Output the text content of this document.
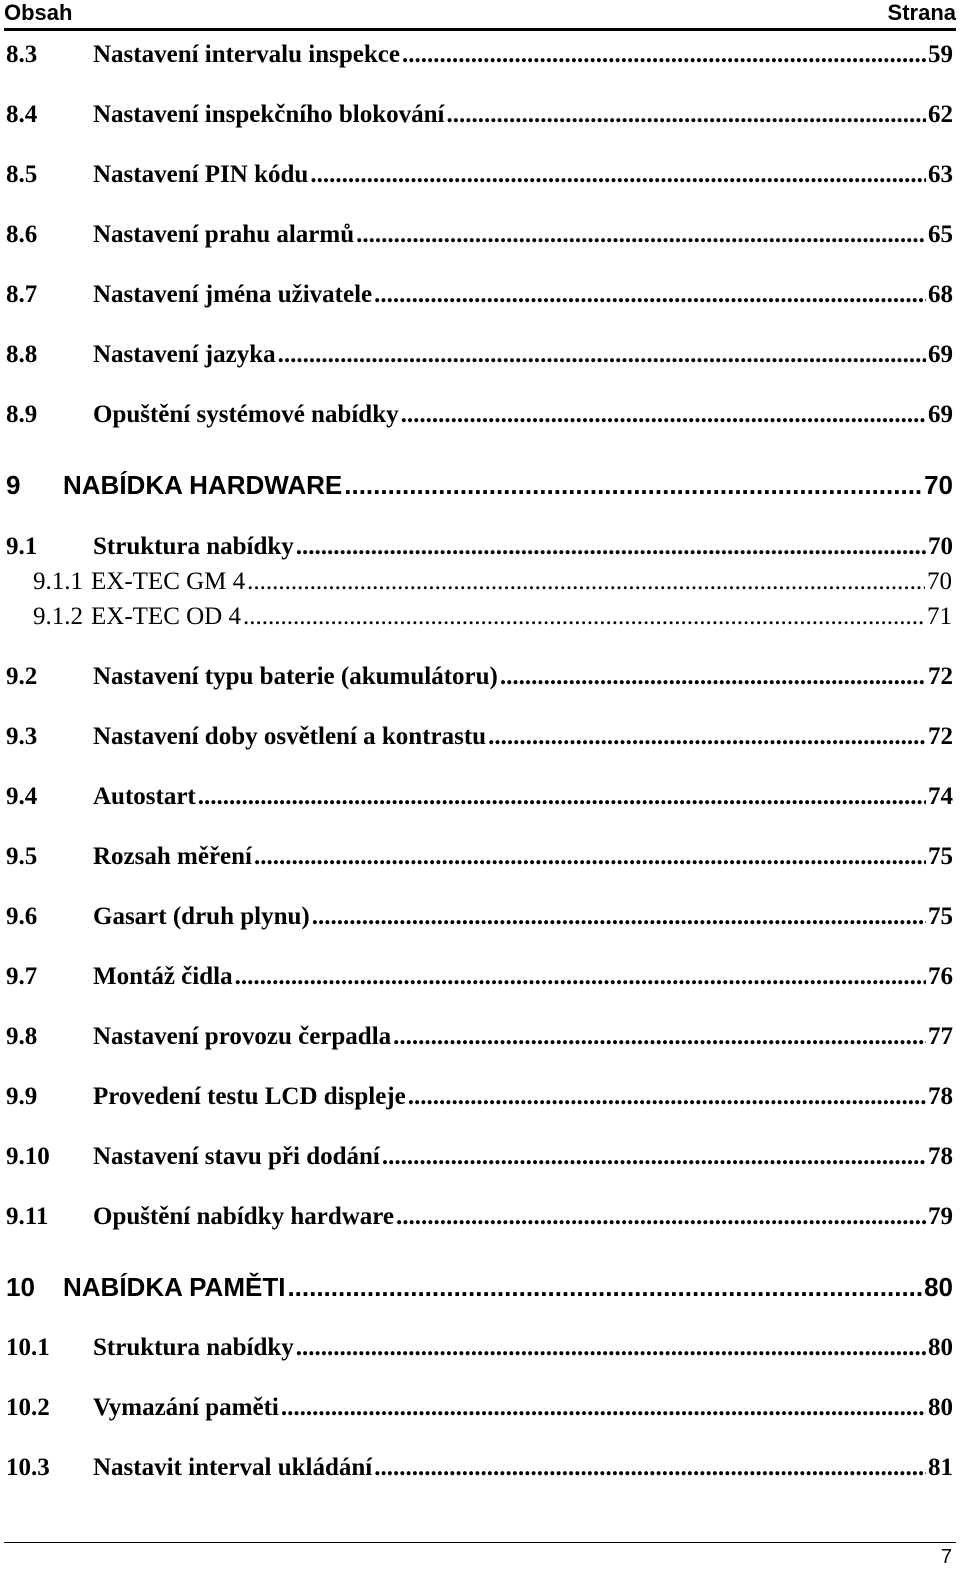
Obsah	Strana
8.3	Nastavení intervalu inspekce .....	59
8.4	Nastavení inspekčního blokování .....	62
8.5	Nastavení PIN kódu .....	63
8.6	Nastavení prahu alarmů .....	65
8.7	Nastavení jména uživatele .....	68
8.8	Nastavení jazyka .....	69
8.9	Opuštění systémové nabídky .....	69
9	NABÍDKA HARDWARE .....	70
9.1	Struktura nabídky .....	70
9.1.1 EX-TEC GM 4 .....	70
9.1.2 EX-TEC OD 4 .....	71
9.2	Nastavení typu baterie (akumulátoru) .....	72
9.3	Nastavení doby osvětlení a kontrastu .....	72
9.4	Autostart .....	74
9.5	Rozsah měření .....	75
9.6	Gasart (druh plynu) .....	75
9.7	Montáž čidla .....	76
9.8	Nastavení provozu čerpadla .....	77
9.9	Provedení testu LCD displeje .....	78
9.10	Nastavení stavu při dodání .....	78
9.11	Opuštění nabídky hardware .....	79
10	NABÍDKA PAMĚTI .....	80
10.1	Struktura nabídky .....	80
10.2	Vymazání paměti .....	80
10.3	Nastavit interval ukládání .....	81
7
